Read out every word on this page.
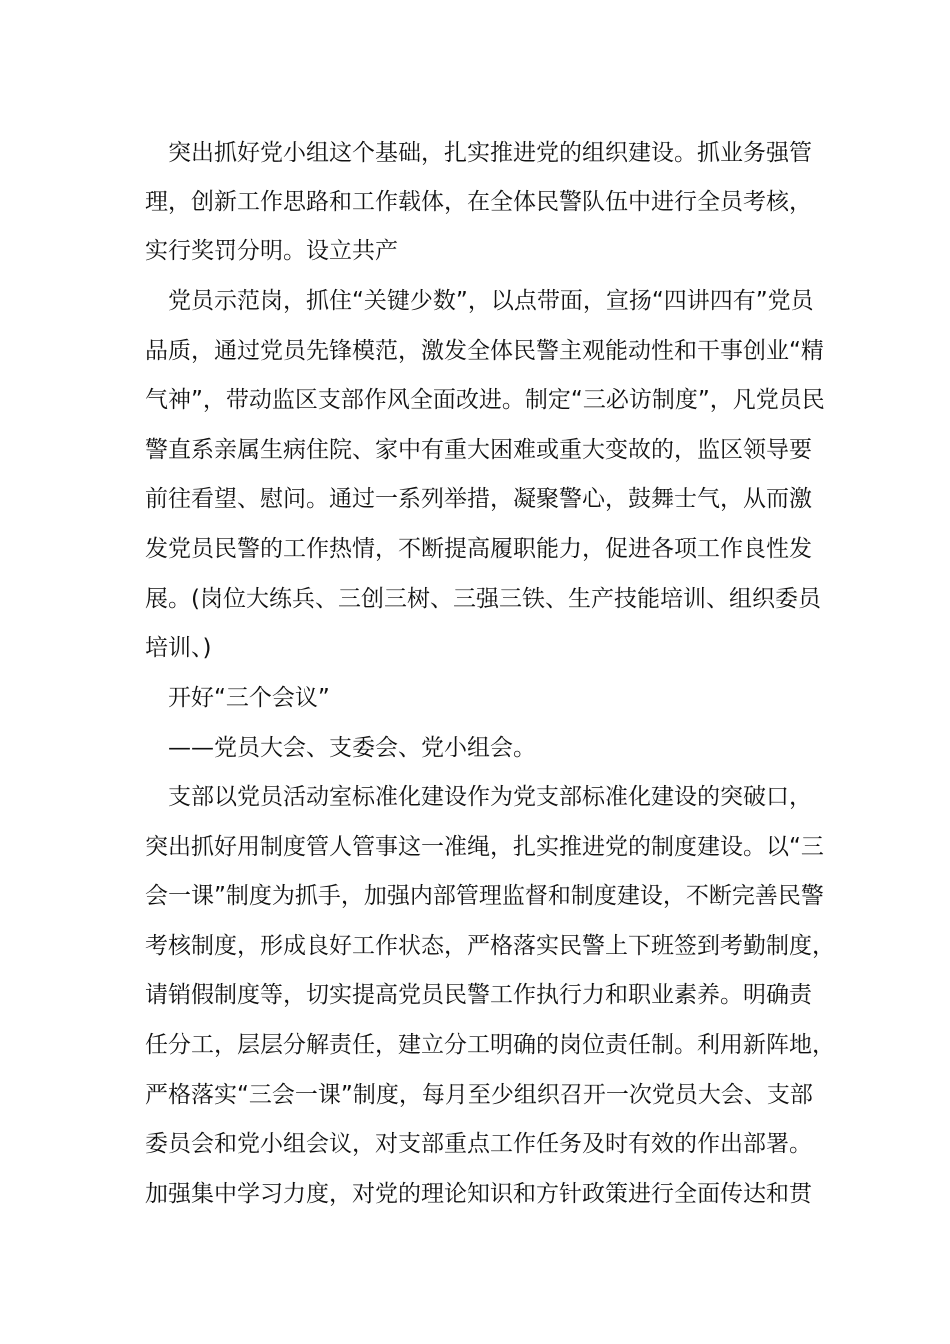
　突出抓好党小组这个基础，扎实推进党的组织建设。抓业务强管

理，创新工作思路和工作载体，在全体民警队伍中进行全员考核，

实行奖罚分明。设立共产

　党员示范岗，抓住“关键少数”，以点带面，宣扬“四讲四有”党员

品质，通过党员先锋模范，激发全体民警主观能动性和干事创业“精

气神”，带动监区支部作风全面改进。制定“三必访制度”，凡党员民

警直系亲属生病住院、家中有重大困难或重大变故的，监区领导要

前往看望、慰问。通过一系列举措，凝聚警心，鼓舞士气，从而激

发党员民警的工作热情，不断提高履职能力，促进各项工作良性发

展。(岗位大练兵、三创三树、三强三铁、生产技能培训、组织委员

培训、)

　开好“三个会议”

　——党员大会、支委会、党小组会。

　支部以党员活动室标准化建设作为党支部标准化建设的突破口，

突出抓好用制度管人管事这一准绳，扎实推进党的制度建设。以“三

会一课”制度为抓手，加强内部管理监督和制度建设，不断完善民警

考核制度，形成良好工作状态，严格落实民警上下班签到考勤制度，

请销假制度等，切实提高党员民警工作执行力和职业素养。明确责

任分工，层层分解责任，建立分工明确的岗位责任制。利用新阵地，

严格落实“三会一课”制度，每月至少组织召开一次党员大会、支部

委员会和党小组会议，对支部重点工作任务及时有效的作出部署。

加强集中学习力度，对党的理论知识和方针政策进行全面传达和贯
